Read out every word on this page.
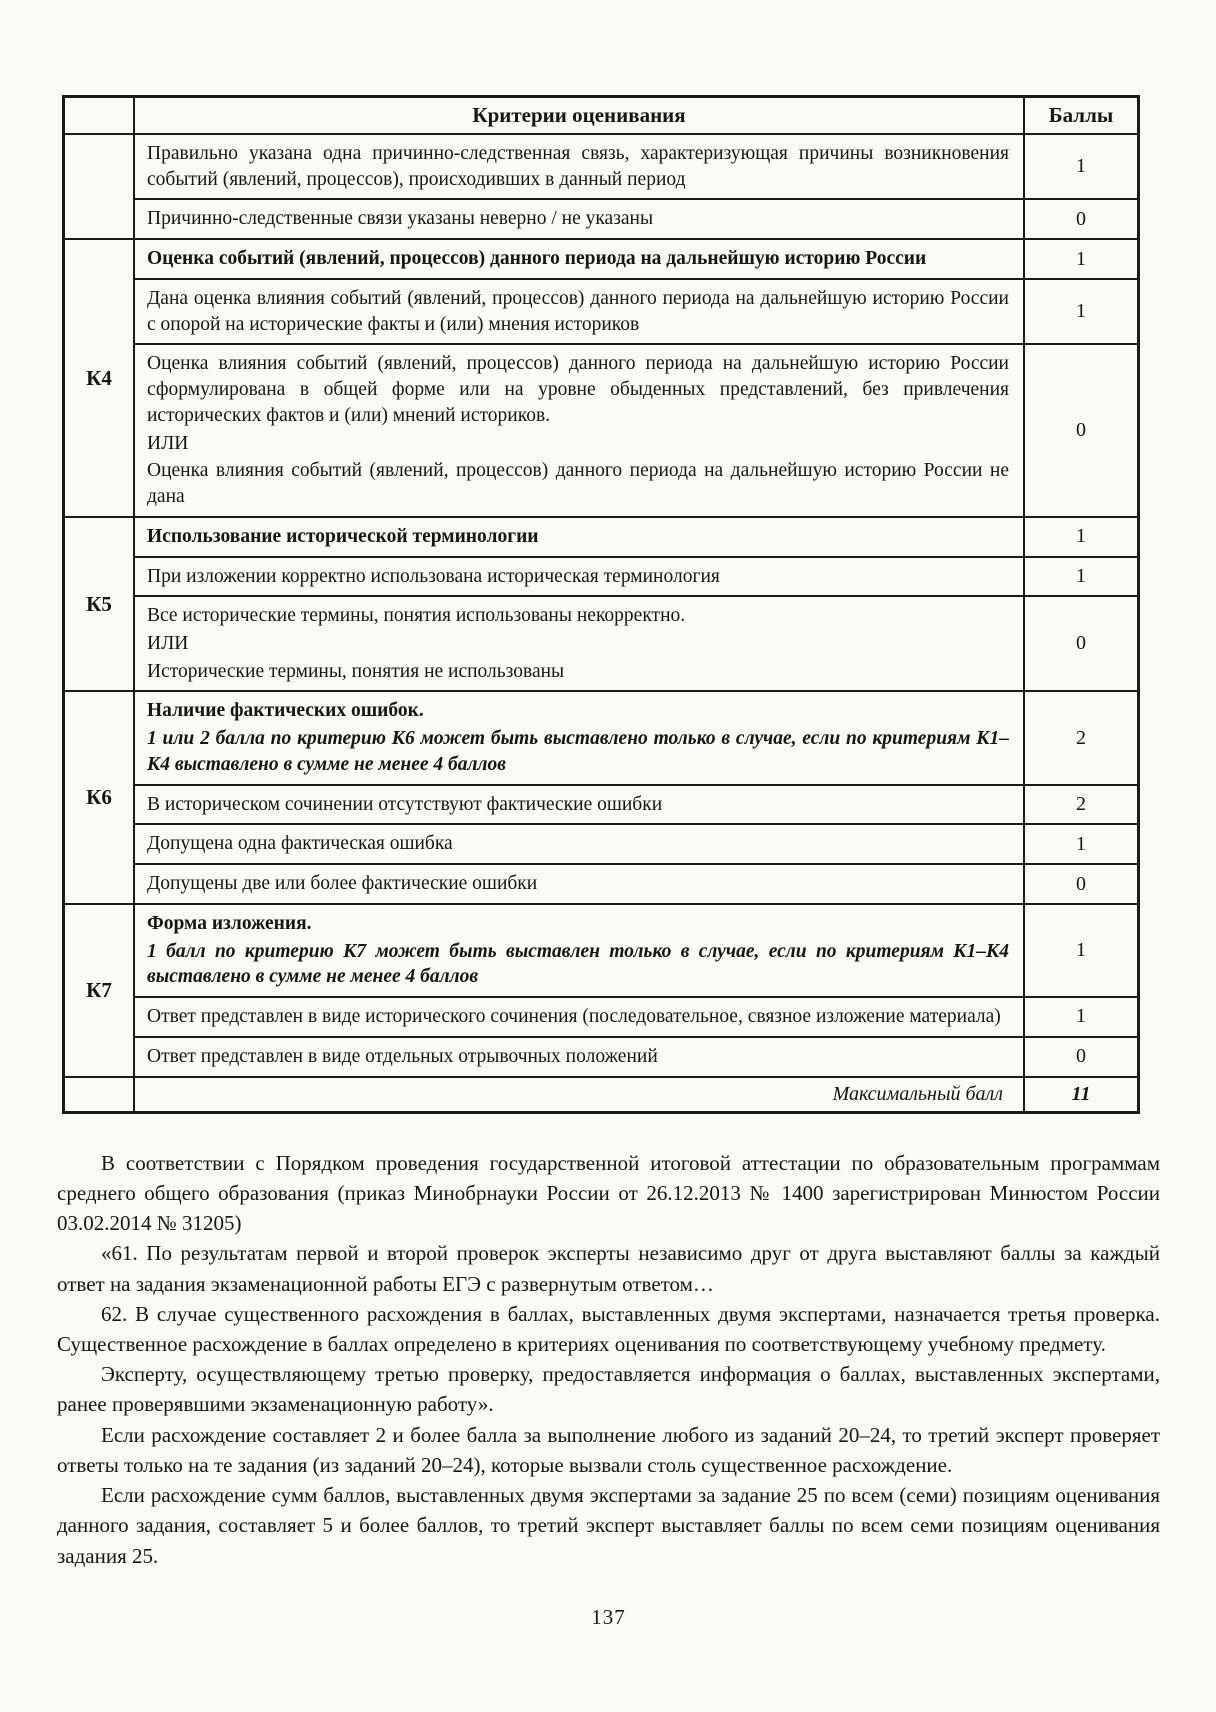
	Критерии оценивания	Баллы

	Правильно указана одна причинно-следственная связь, характеризующая причины возникновения событий (явлений, процессов), происходивших в данный период	1

	Причинно-следственные связи указаны неверно / не указаны	0
К4	Оценка событий (явлений, процессов) данного периода на дальнейшую историю России	1

	Дана оценка влияния событий (явлений, процессов) данного периода на дальнейшую историю России с опорой на исторические факты и (или) мнения историков	1

	Оценка влияния событий (явлений, процессов) данного периода на дальнейшую историю России сформулирована в общей форме или на уровне обыденных представлений, без привлечения исторических фактов и (или) мнений историков.
ИЛИ
Оценка влияния событий (явлений, процессов) данного периода на дальнейшую историю России не дана	0
К5	Использование исторической терминологии	1

	При изложении корректно использована историческая терминология	1

	Все исторические термины, понятия использованы некорректно.
ИЛИ
Исторические термины, понятия не использованы	0
К6	Наличие фактических ошибок.
1 или 2 балла по критерию К6 может быть выставлено только в случае, если по критериям К1–К4 выставлено в сумме не менее 4 баллов	2

	В историческом сочинении отсутствуют фактические ошибки	2

	Допущена одна фактическая ошибка	1

	Допущены две или более фактические ошибки	0
К7	Форма изложения.
1 балл по критерию К7 может быть выставлен только в случае, если по критериям К1–К4 выставлено в сумме не менее 4 баллов	1

	Ответ представлен в виде исторического сочинения (последовательное, связное изложение материала)	1

	Ответ представлен в виде отдельных отрывочных положений	0
	Максимальный балл	11

В соответствии с Порядком проведения государственной итоговой аттестации по образовательным программам среднего общего образования (приказ Минобрнауки России от 26.12.2013 № 1400 зарегистрирован Минюстом России 03.02.2014 № 31205)

«61. По результатам первой и второй проверок эксперты независимо друг от друга выставляют баллы за каждый ответ на задания экзаменационной работы ЕГЭ с развернутым ответом…

62. В случае существенного расхождения в баллах, выставленных двумя экспертами, назначается третья проверка. Существенное расхождение в баллах определено в критериях оценивания по соответствующему учебному предмету.

Эксперту, осуществляющему третью проверку, предоставляется информация о баллах, выставленных экспертами, ранее проверявшими экзаменационную работу».

Если расхождение составляет 2 и более балла за выполнение любого из заданий 20–24, то третий эксперт проверяет ответы только на те задания (из заданий 20–24), которые вызвали столь существенное расхождение.

Если расхождение сумм баллов, выставленных двумя экспертами за задание 25 по всем (семи) позициям оценивания данного задания, составляет 5 и более баллов, то третий эксперт выставляет баллы по всем семи позициям оценивания задания 25.

137
